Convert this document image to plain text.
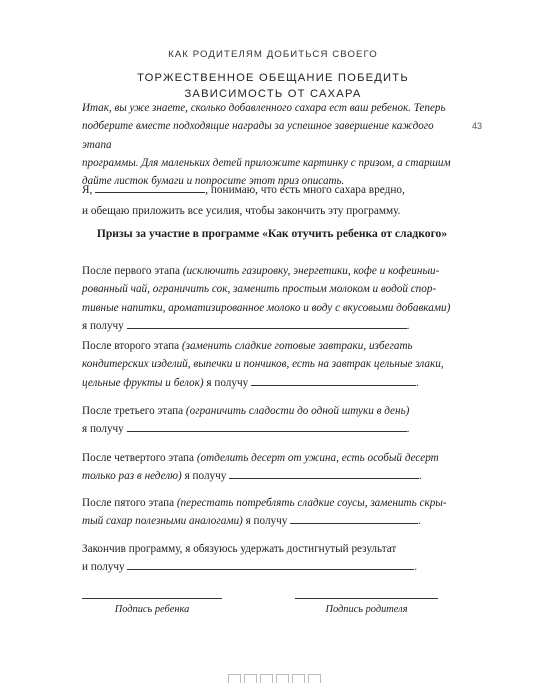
КАК РОДИТЕЛЯМ ДОБИТЬСЯ СВОЕГО
ТОРЖЕСТВЕННОЕ ОБЕЩАНИЕ ПОБЕДИТЬ
ЗАВИСИМОСТЬ ОТ САХАРА
43
Итак, вы уже знаете, сколько добавленного сахара ест ваш ребенок. Теперь
подберите вместе подходящие награды за успешное завершение каждого этапа
программы. Для маленьких детей приложите картинку с призом, а старшим
дайте листок бумаги и попросите этот приз описать.
Я,	, понимаю, что есть много сахара вредно,
и обещаю приложить все усилия, чтобы закончить эту программу.
Призы за участие в программе «Как отучить ребенка от сладкого»
После первого этапа (исключить газировку, энергетики, кофе и кофеиныи-
рованный чай, ограничить сок, заменить простым молоком и водой спор-
тивные напитки, ароматизированное молоко и воду с вкусовыми добавками)
я получу	.
После второго этапа (заменить сладкие готовые завтраки, избегать
кондитерских изделий, выпечки и пончиков, есть на завтрак цельные злаки,
цельные фрукты и белок) я получу	.
После третьего этапа (ограничить сладости до одной штуки в день)
я получу	.
После четвертого этапа (отделить десерт от ужина, есть особый десерт
только раз в неделю) я получу	.
После пятого этапа (перестать потреблять сладкие соусы, заменить скры-
тый сахар полезными аналогами) я получу	.
Закончив программу, я обязуюсь удержать достигнутый результат
и получу	.
Подпись ребенка	Подпись родителя
